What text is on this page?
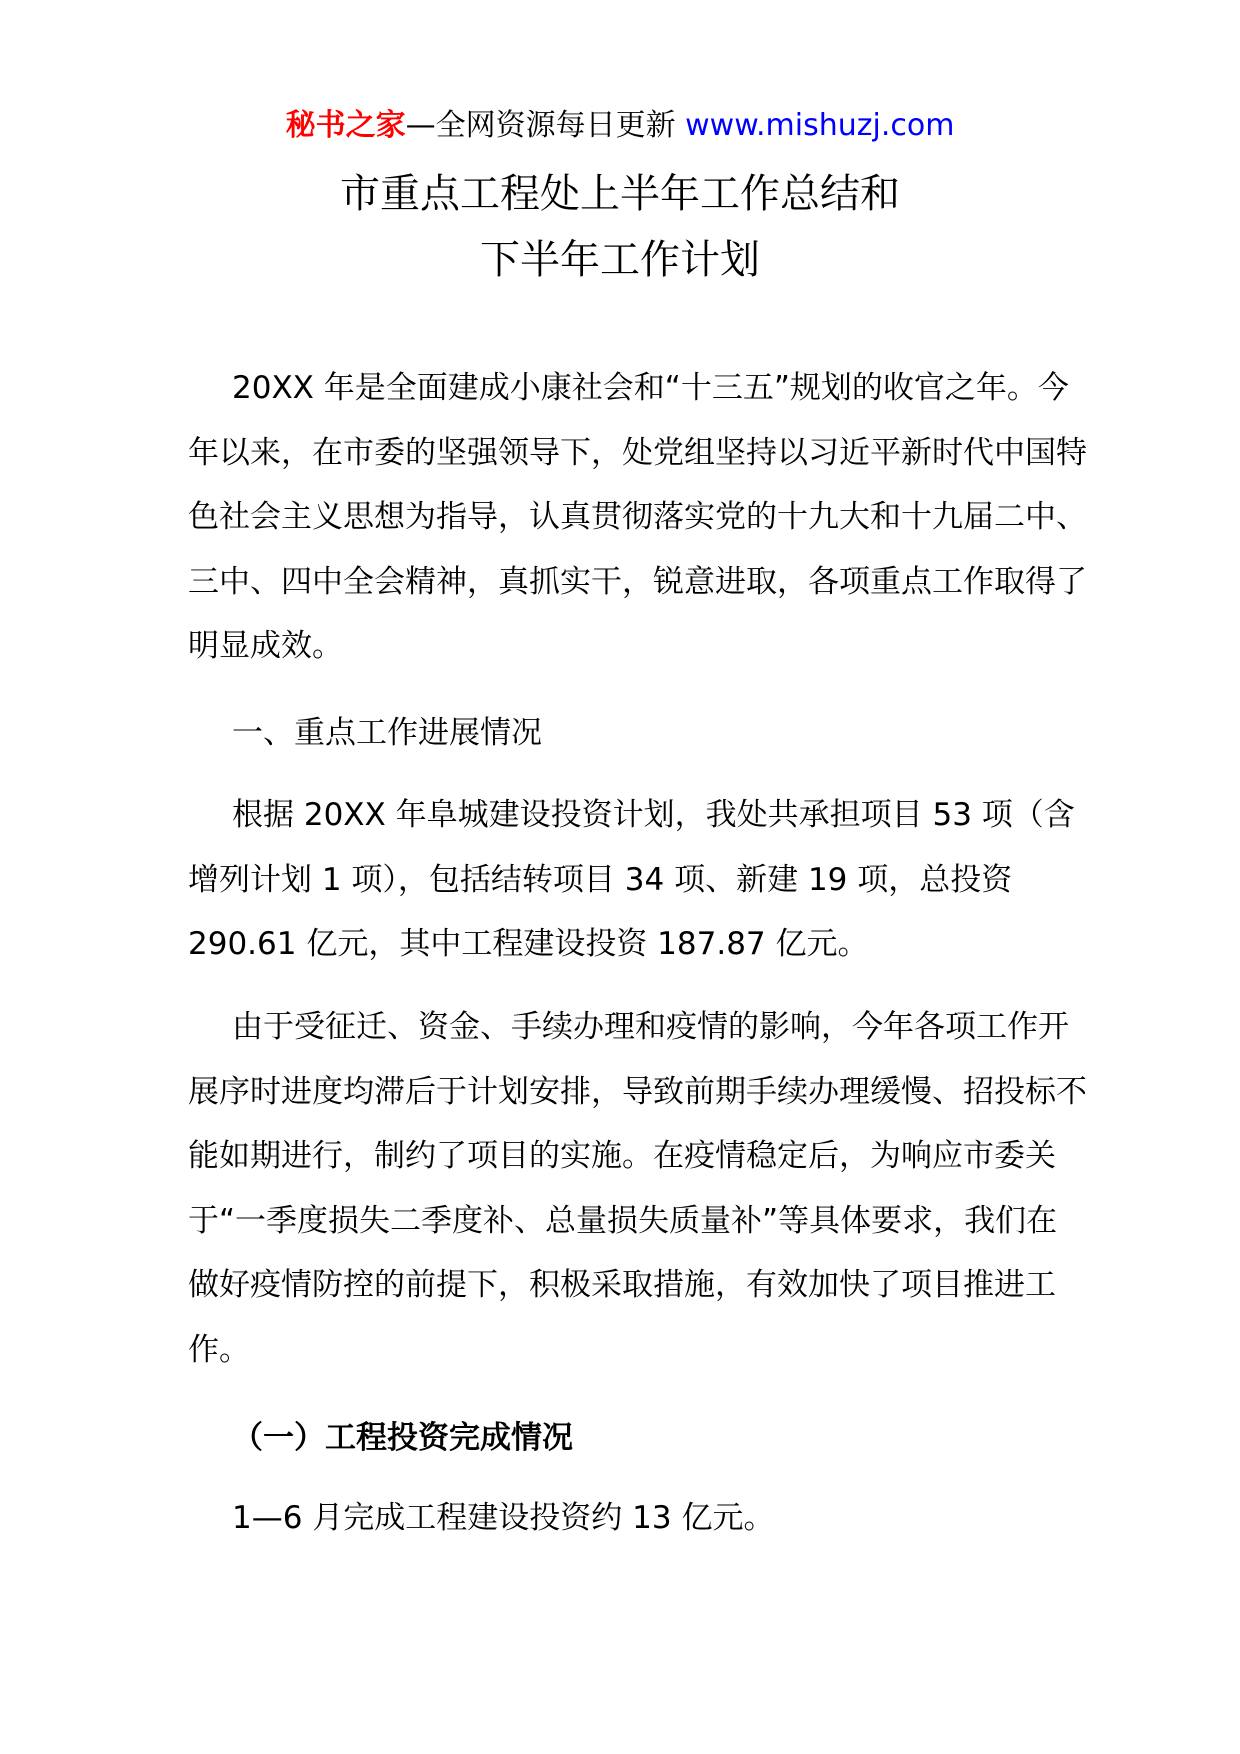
秘书之家—全网资源每日更新 www.mishuzj.com
市重点工程处上半年工作总结和
下半年工作计划

20XX 年是全面建成小康社会和“十三五”规划的收官之年。今年以来，在市委的坚强领导下，处党组坚持以习近平新时代中国特色社会主义思想为指导，认真贯彻落实党的十九大和十九届二中、三中、四中全会精神，真抓实干，锐意进取，各项重点工作取得了明显成效。

一、重点工作进展情况

根据 20XX 年阜城建设投资计划，我处共承担项目 53 项（含增列计划 1 项），包括结转项目 34 项、新建 19 项，总投资 290.61 亿元，其中工程建设投资 187.87 亿元。

由于受征迁、资金、手续办理和疫情的影响，今年各项工作开展序时进度均滞后于计划安排，导致前期手续办理缓慢、招投标不能如期进行，制约了项目的实施。在疫情稳定后，为响应市委关于“一季度损失二季度补、总量损失质量补”等具体要求，我们在做好疫情防控的前提下，积极采取措施，有效加快了项目推进工作。

（一）工程投资完成情况

1—6 月完成工程建设投资约 13 亿元。
